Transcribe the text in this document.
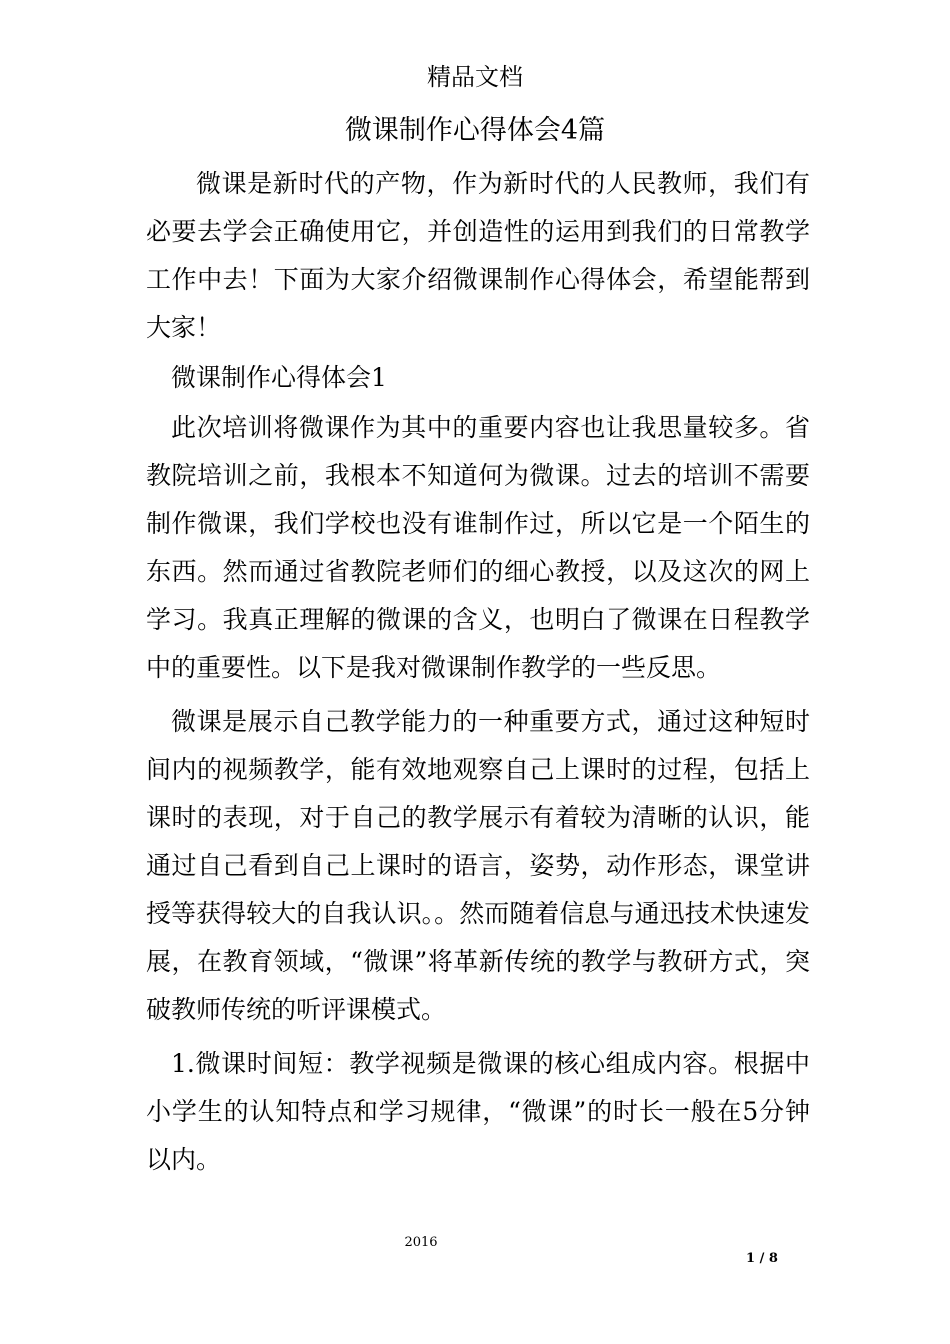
精品文档
微课制作心得体会4篇

微课是新时代的产物，作为新时代的人民教师，我们有必要去学会正确使用它，并创造性的运用到我们的日常教学工作中去！下面为大家介绍微课制作心得体会，希望能帮到大家！

微课制作心得体会1

此次培训将微课作为其中的重要内容也让我思量较多。省教院培训之前，我根本不知道何为微课。过去的培训不需要制作微课，我们学校也没有谁制作过，所以它是一个陌生的东西。然而通过省教院老师们的细心教授，以及这次的网上学习。我真正理解的微课的含义，也明白了微课在日程教学中的重要性。以下是我对微课制作教学的一些反思。

微课是展示自己教学能力的一种重要方式，通过这种短时间内的视频教学，能有效地观察自己上课时的过程，包括上课时的表现，对于自己的教学展示有着较为清晰的认识，能通过自己看到自己上课时的语言，姿势，动作形态，课堂讲授等获得较大的自我认识。。然而随着信息与通迅技术快速发展，在教育领域，“微课”将革新传统的教学与教研方式，突破教师传统的听评课模式。

1.微课时间短：教学视频是微课的核心组成内容。根据中小学生的认知特点和学习规律，“微课”的时长一般在5分钟以内。

2016
1 / 8
